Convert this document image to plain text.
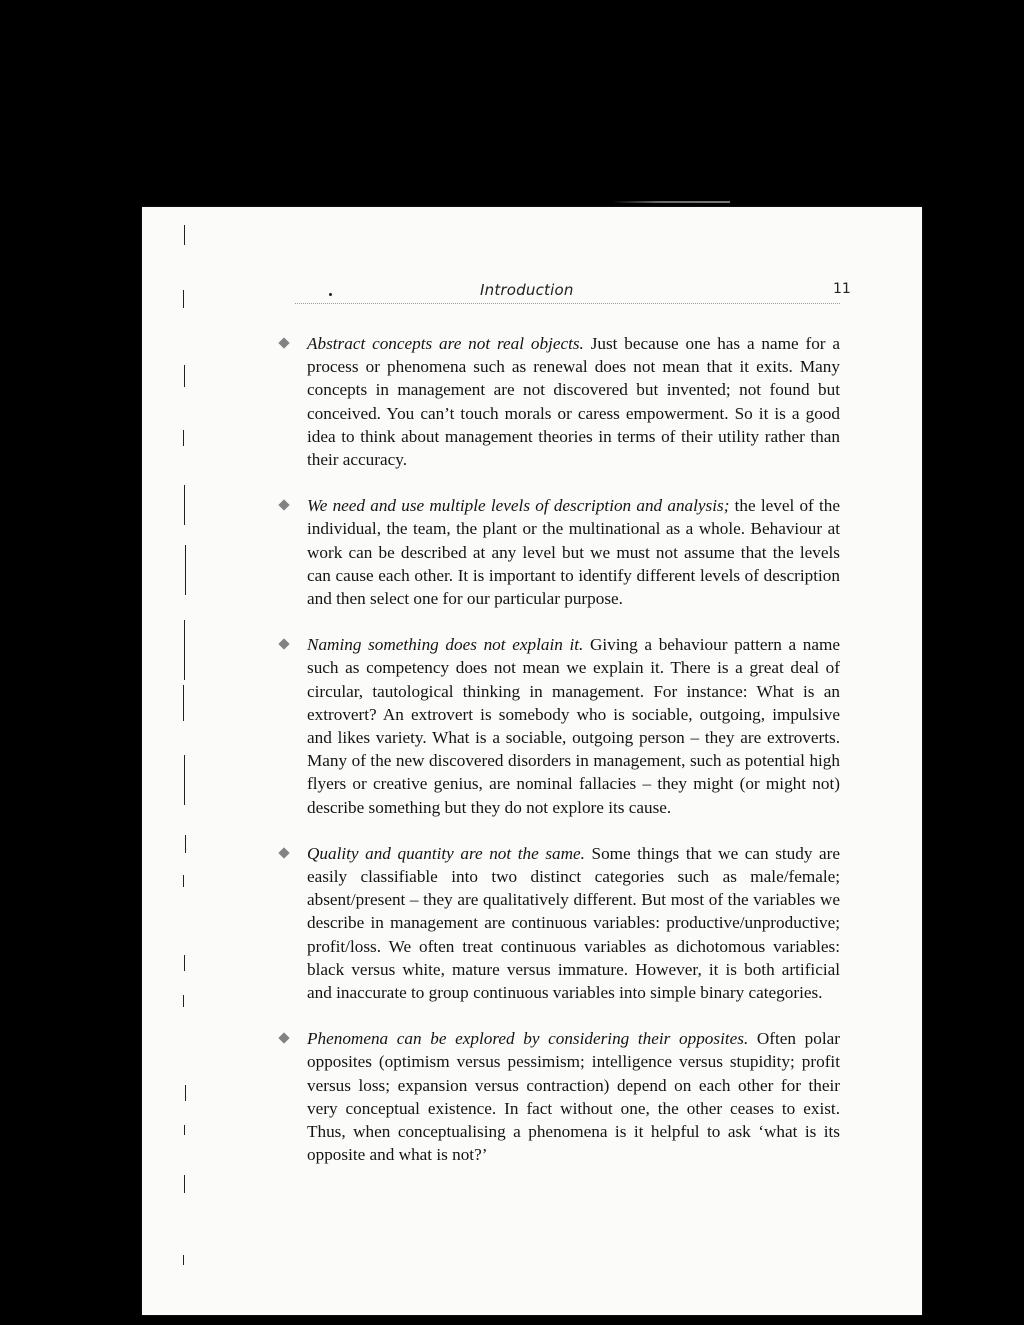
Introduction	11
Abstract concepts are not real objects. Just because one has a name for a process or phenomena such as renewal does not mean that it exits. Many concepts in management are not discovered but invented; not found but conceived. You can’t touch morals or caress empowerment. So it is a good idea to think about management theories in terms of their utility rather than their accuracy.
We need and use multiple levels of description and analysis; the level of the individual, the team, the plant or the multinational as a whole. Behaviour at work can be described at any level but we must not assume that the levels can cause each other. It is important to identify different levels of description and then select one for our particular purpose.
Naming something does not explain it. Giving a behaviour pattern a name such as competency does not mean we explain it. There is a great deal of circular, tautological thinking in management. For instance: What is an extrovert? An extrovert is somebody who is sociable, outgoing, impulsive and likes variety. What is a sociable, outgoing person – they are extroverts. Many of the new discovered disorders in management, such as potential high flyers or creative genius, are nominal fallacies – they might (or might not) describe something but they do not explore its cause.
Quality and quantity are not the same. Some things that we can study are easily classifiable into two distinct categories such as male/female; absent/present – they are qualitatively different. But most of the variables we describe in management are continuous variables: productive/unproductive; profit/loss. We often treat continuous variables as dichotomous variables: black versus white, mature versus immature. However, it is both artificial and inaccurate to group continuous variables into simple binary categories.
Phenomena can be explored by considering their opposites. Often polar opposites (optimism versus pessimism; intelligence versus stupidity; profit versus loss; expansion versus contraction) depend on each other for their very conceptual existence. In fact without one, the other ceases to exist. Thus, when conceptualising a phenomena is it helpful to ask ‘what is its opposite and what is not?’
